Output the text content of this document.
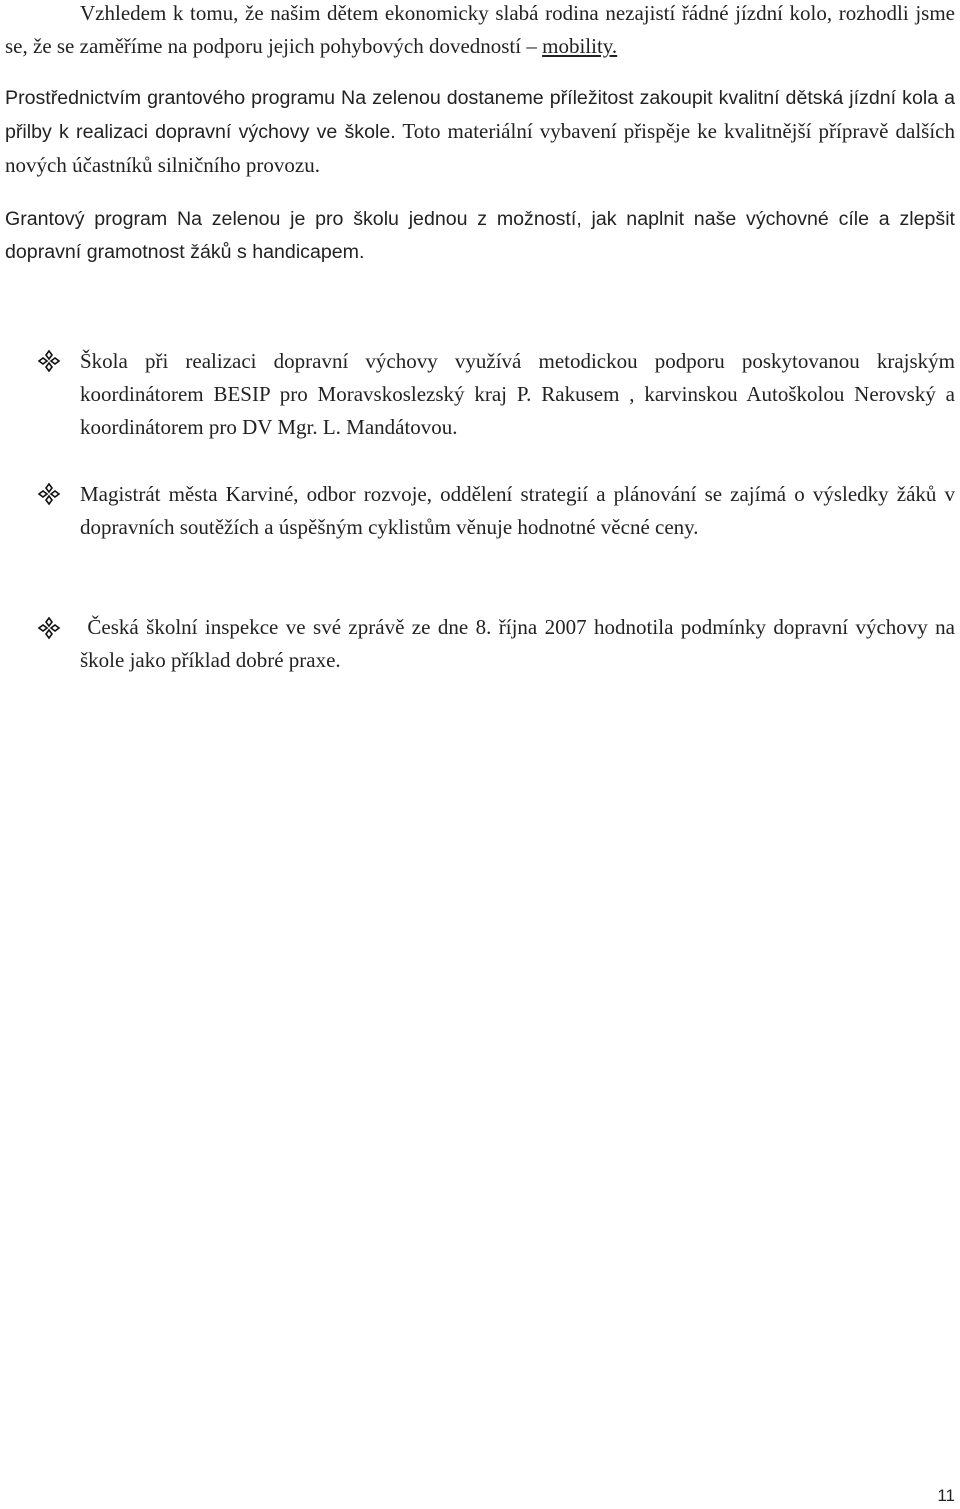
Vzhledem k tomu, že našim dětem ekonomicky slabá rodina nezajistí řádné jízdní kolo, rozhodli jsme se, že se zaměříme na podporu jejich pohybových dovedností – mobility.

Prostřednictvím grantového programu Na zelenou dostaneme příležitost zakoupit kvalitní dětská jízdní kola a přilby k realizaci dopravní výchovy ve škole. Toto materiální vybavení přispěje ke kvalitnější přípravě dalších nových účastníků silničního provozu.

Grantový program Na zelenou je pro školu jednou z možností, jak naplnit naše výchovné cíle a zlepšit dopravní gramotnost žáků s handicapem.

Škola při realizaci dopravní výchovy využívá metodickou podporu poskytovanou krajským koordinátorem BESIP pro Moravskoslezský kraj P. Rakusem , karvinskou Autoškolou Nerovský a koordinátorem pro DV Mgr. L. Mandátovou.

Magistrát města Karviné, odbor rozvoje, oddělení strategií a plánování se zajímá o výsledky žáků v dopravních soutěžích a úspěšným cyklistům věnuje hodnotné věcné ceny.

Česká školní inspekce ve své zprávě ze dne 8. října 2007 hodnotila podmínky dopravní výchovy na škole jako příklad dobré praxe.

11
